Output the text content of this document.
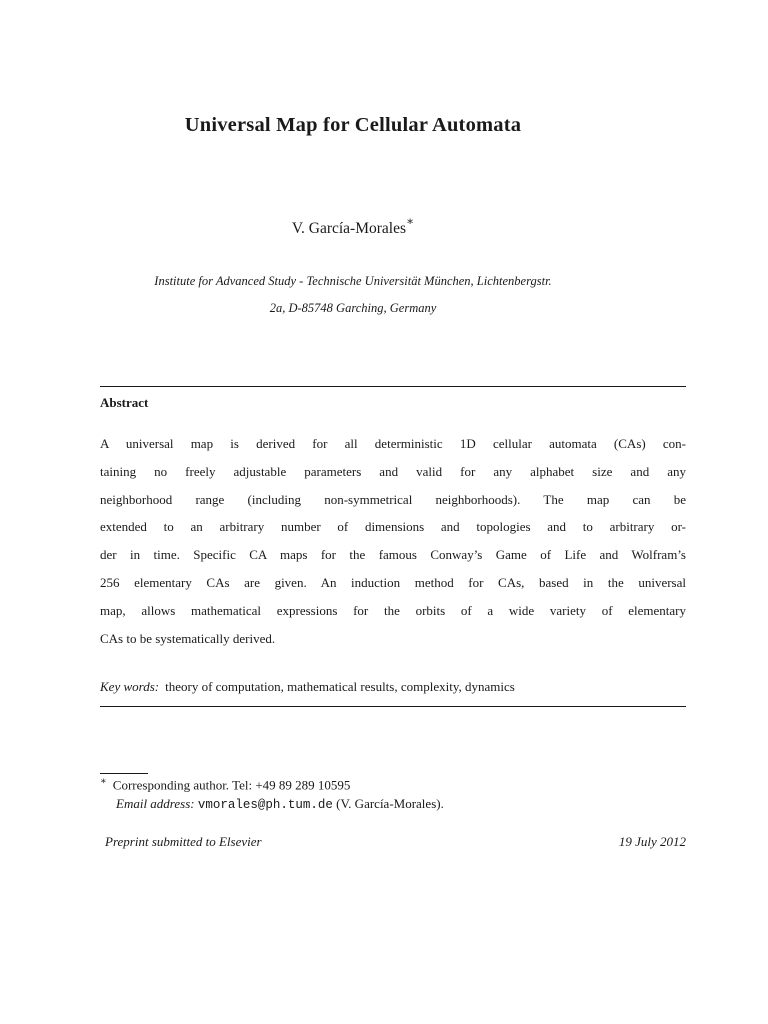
Universal Map for Cellular Automata
V. García-Morales∗
Institute for Advanced Study - Technische Universität München, Lichtenbergstr.
2a, D-85748 Garching, Germany
Abstract
A universal map is derived for all deterministic 1D cellular automata (CAs) con-
taining no freely adjustable parameters and valid for any alphabet size and any
neighborhood range (including non-symmetrical neighborhoods). The map can be
extended to an arbitrary number of dimensions and topologies and to arbitrary or-
der in time. Specific CA maps for the famous Conway’s Game of Life and Wolfram’s
256 elementary CAs are given. An induction method for CAs, based in the universal
map, allows mathematical expressions for the orbits of a wide variety of elementary
CAs to be systematically derived.
Key words: theory of computation, mathematical results, complexity, dynamics
∗ Corresponding author. Tel: +49 89 289 10595
Email address: vmorales@ph.tum.de (V. García-Morales).
Preprint submitted to Elsevier	19 July 2012
